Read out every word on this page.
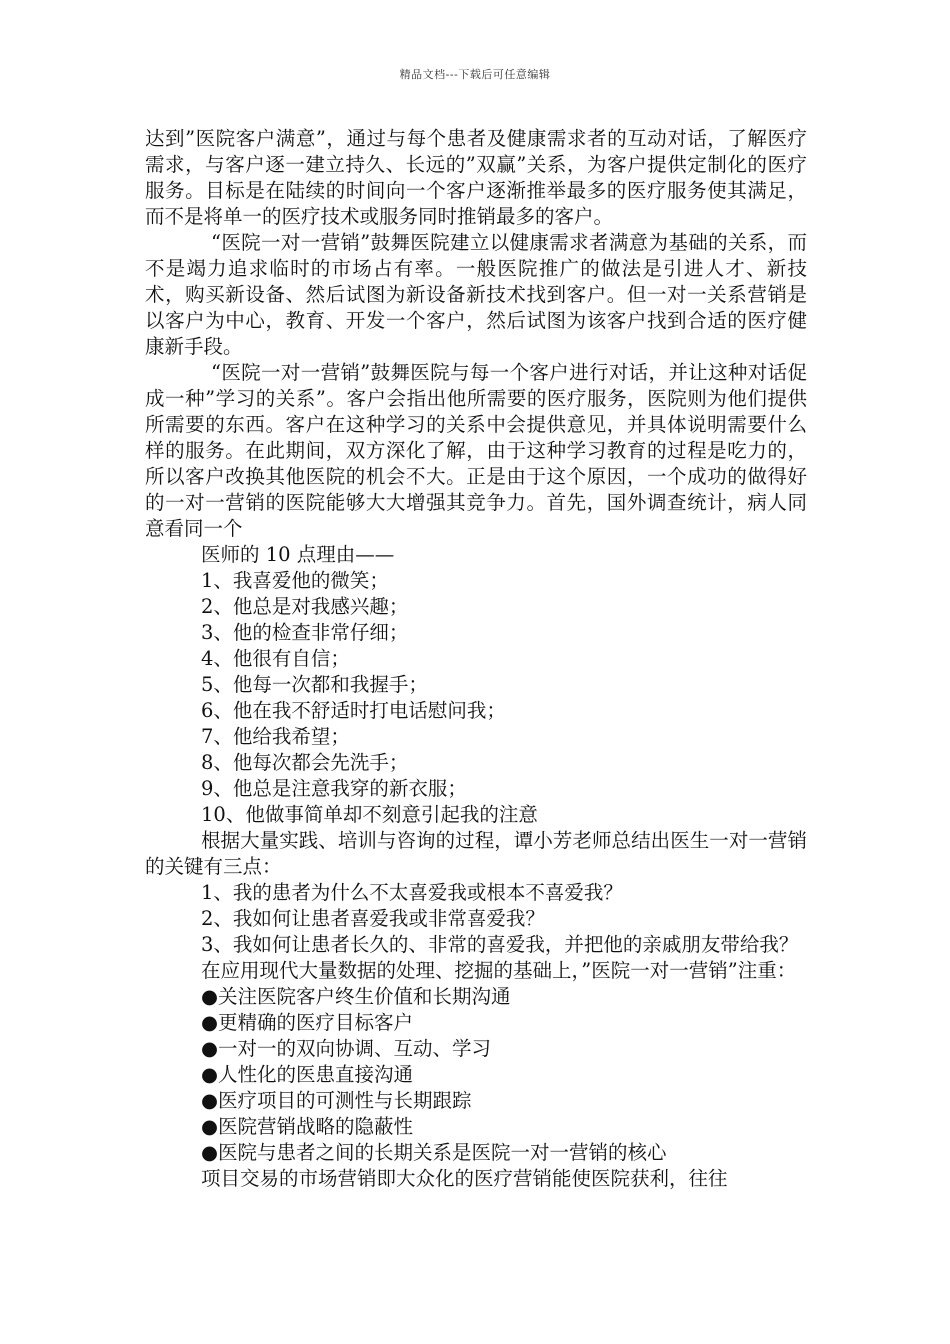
精品文档---下载后可任意编辑

达到”医院客户满意”，通过与每个患者及健康需求者的互动对话，了解医疗需求，与客户逐一建立持久、长远的”双赢”关系，为客户提供定制化的医疗服务。目标是在陆续的时间向一个客户逐渐推举最多的医疗服务使其满足，而不是将单一的医疗技术或服务同时推销最多的客户。

“医院一对一营销”鼓舞医院建立以健康需求者满意为基础的关系，而不是竭力追求临时的市场占有率。一般医院推广的做法是引进人才、新技术，购买新设备、然后试图为新设备新技术找到客户。但一对一关系营销是以客户为中心，教育、开发一个客户，然后试图为该客户找到合适的医疗健康新手段。

“医院一对一营销”鼓舞医院与每一个客户进行对话，并让这种对话促成一种”学习的关系”。客户会指出他所需要的医疗服务，医院则为他们提供所需要的东西。客户在这种学习的关系中会提供意见，并具体说明需要什么样的服务。在此期间，双方深化了解，由于这种学习教育的过程是吃力的，所以客户改换其他医院的机会不大。正是由于这个原因，一个成功的做得好的一对一营销的医院能够大大增强其竞争力。首先，国外调查统计，病人同意看同一个

医师的 10 点理由——

1、我喜爱他的微笑；

2、他总是对我感兴趣；

3、他的检查非常仔细；

4、他很有自信；

5、他每一次都和我握手；

6、他在我不舒适时打电话慰问我；

7、他给我希望；

8、他每次都会先洗手；

9、他总是注意我穿的新衣服；

10、他做事简单却不刻意引起我的注意

根据大量实践、培训与咨询的过程，谭小芳老师总结出医生一对一营销的关键有三点：

1、我的患者为什么不太喜爱我或根本不喜爱我？

2、我如何让患者喜爱我或非常喜爱我？

3、我如何让患者长久的、非常的喜爱我，并把他的亲戚朋友带给我？

在应用现代大量数据的处理、挖掘的基础上，”医院一对一营销”注重：

●关注医院客户终生价值和长期沟通

●更精确的医疗目标客户

●一对一的双向协调、互动、学习

●人性化的医患直接沟通

●医疗项目的可测性与长期跟踪

●医院营销战略的隐蔽性

●医院与患者之间的长期关系是医院一对一营销的核心

项目交易的市场营销即大众化的医疗营销能使医院获利，往往
